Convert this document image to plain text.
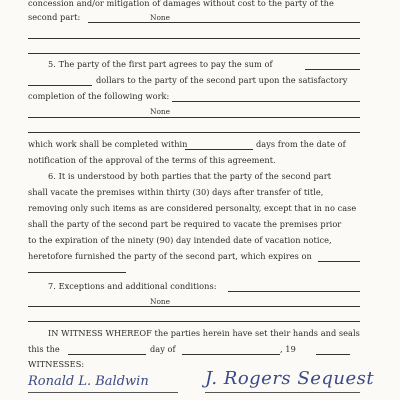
concession and/or mitigation of damages without cost to the party of the
second part:	None
5. The party of the first part agrees to pay the sum of
dollars to the party of the second part upon the satisfactory
completion of the following work:
None
which work shall be completed within	days from the date of
notification of the approval of the terms of this agreement.
6. It is understood by both parties that the party of the second part
shall vacate the premises within thirty (30) days after transfer of title,
removing only such items as are considered personalty, except that in no case
shall the party of the second part be required to vacate the premises prior
to the expiration of the ninety (90) day intended date of vacation notice,
heretofore furnished the party of the second part, which expires on
7. Exceptions and additional conditions:
None
IN WITNESS WHEREOF the parties herein have set their hands and seals
this the	day of	, 19
WITNESSES:
Ronald L. Baldwin	J. Rogers Sequest
